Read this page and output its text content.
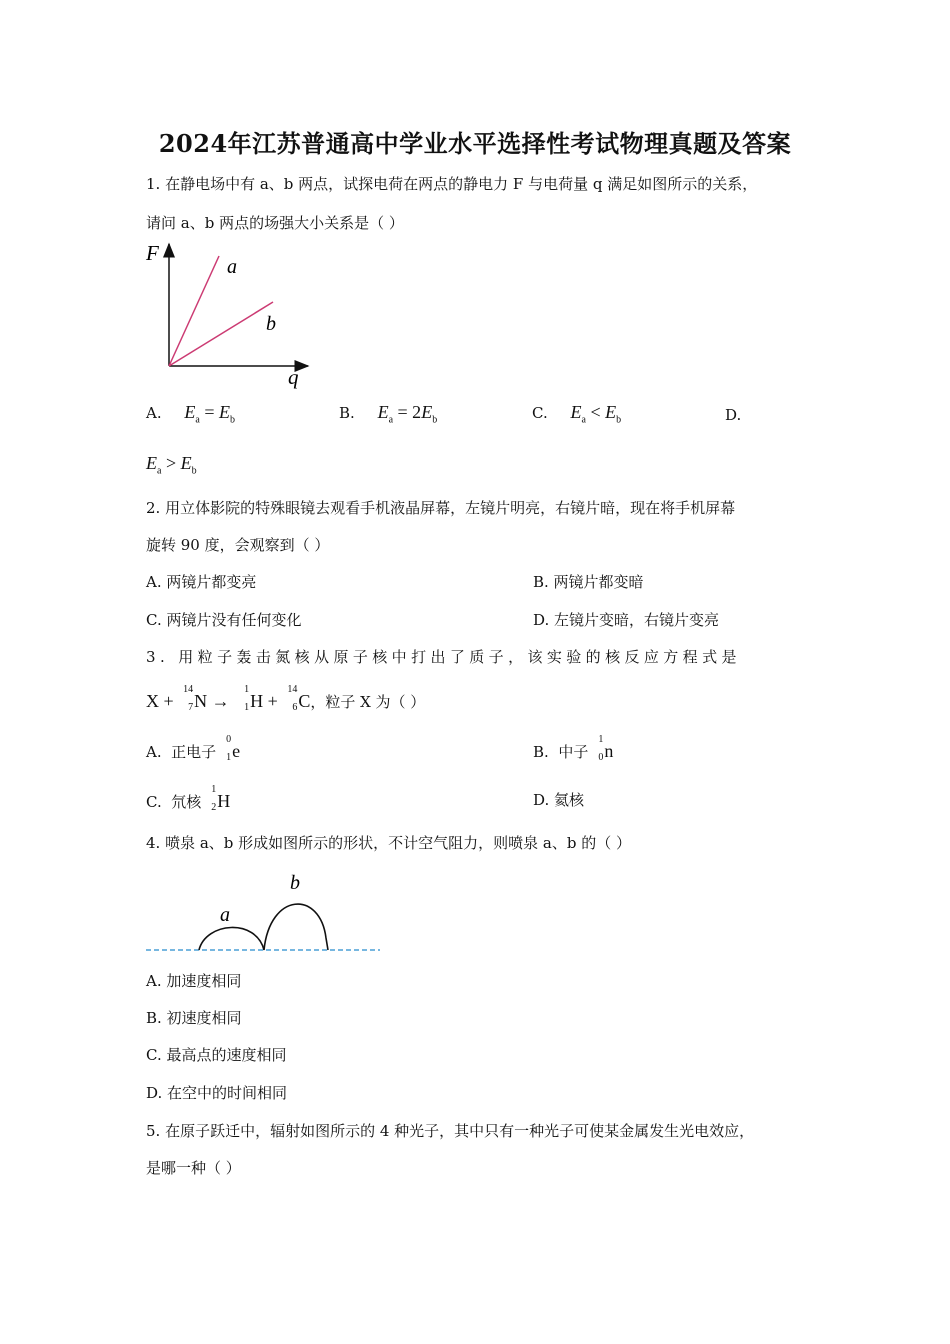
2024年江苏普通高中学业水平选择性考试物理真题及答案
1. 在静电场中有 a、b 两点，试探电荷在两点的静电力 F 与电荷量 q 满足如图所示的关系，
请问 a、b 两点的场强大小关系是（ ）
F
q
a
b
A. $E_a = E_b$	B. $E_a = 2E_b$	C. $E_a < E_b$	D.
$E_a > E_b$
2. 用立体影院的特殊眼镜去观看手机液晶屏幕，左镜片明亮，右镜片暗，现在将手机屏幕
旋转 90 度，会观察到（ ）
A. 两镜片都变亮	B. 两镜片都变暗
C. 两镜片没有任何变化	D. 左镜片变暗，右镜片变亮
3. 用粒子轰击氮核从原子核中打出了质子，该实验的核反应方程式是
X +
14
7 N →
1
1 H +
14
6 C，粒子 X 为（ ）
A.  正电子
0
1 e	B.  中子
1
0 n
C.  氘核
1
2 H	D. 氦核
4. 喷泉 a、b 形成如图所示的形状，不计空气阻力，则喷泉 a、b 的（ ）
a
b
A. 加速度相同
B. 初速度相同
C. 最高点的速度相同
D. 在空中的时间相同
5. 在原子跃迁中，辐射如图所示的 4 种光子，其中只有一种光子可使某金属发生光电效应，
是哪一种（ ）
